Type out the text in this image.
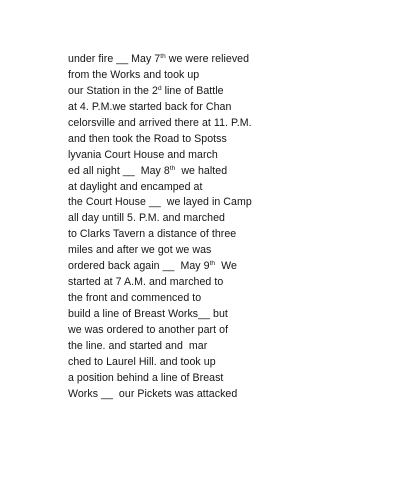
under fire __ May 7th we were relieved
from the Works and took up
our Station in the 2$^d$ line of Battle
at 4. P.M.we started back for Chan
celorsville and arrived there at 11. P.M.
and then took the Road to Spotss
lyvania Court House and march
ed all night __  May 8th  we halted
at daylight and encamped at
the Court House __  we layed in Camp
all day untill 5. P.M. and marched
to Clarks Tavern a distance of three
miles and after we got we was
ordered back again __  May 9th  We
started at 7 A.M. and marched to
the front and commenced to
build a line of Breast Works__ but
we was ordered to another part of
the line. and started and  mar
ched to Laurel Hill. and took up
a position behind a line of Breast
Works __  our Pickets was attacked
